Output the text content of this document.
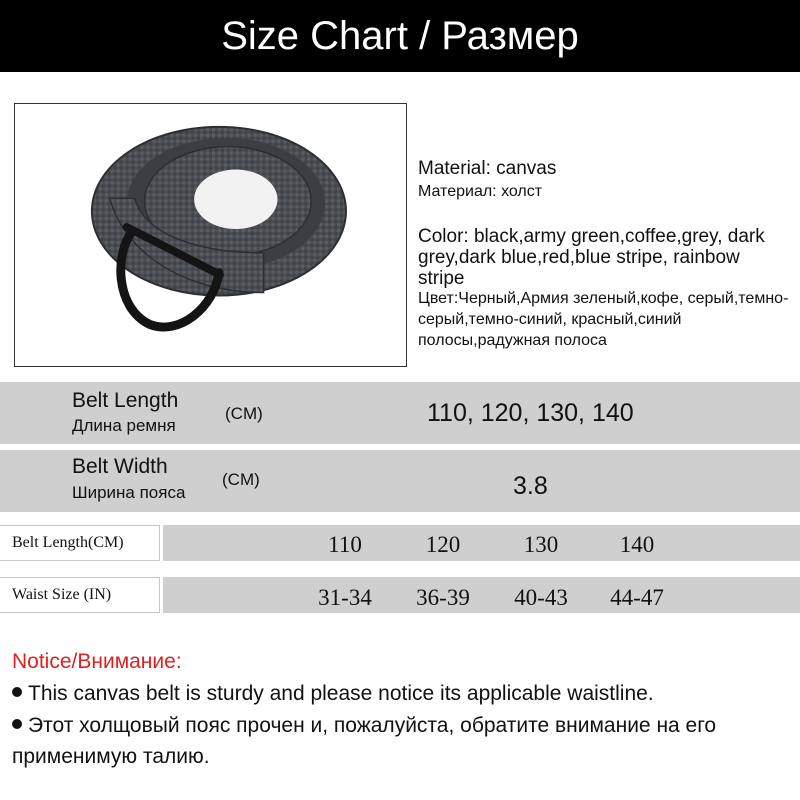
Size Chart / Размер
Material: canvas
Материал: холст
Color: black,army green,coffee,grey, dark grey,dark blue,red,blue stripe, rainbow stripe
Цвет:Черный,Армия зеленый,кофе, серый,темно-серый,темно-синий, красный,синий полосы,радужная полоса
Belt Length
Длина ремня
(CM)	110, 120, 130, 140
Belt Width
Ширина пояса
(CM)	3.8
Belt Length(CM)	110	120	130	140
Waist Size (IN)	31-34	36-39	40-43	44-47
Notice/Внимание:
This canvas belt is sturdy and please notice its applicable waistline.
Этот холщовый пояс прочен и, пожалуйста, обратите внимание на его применимую талию.
